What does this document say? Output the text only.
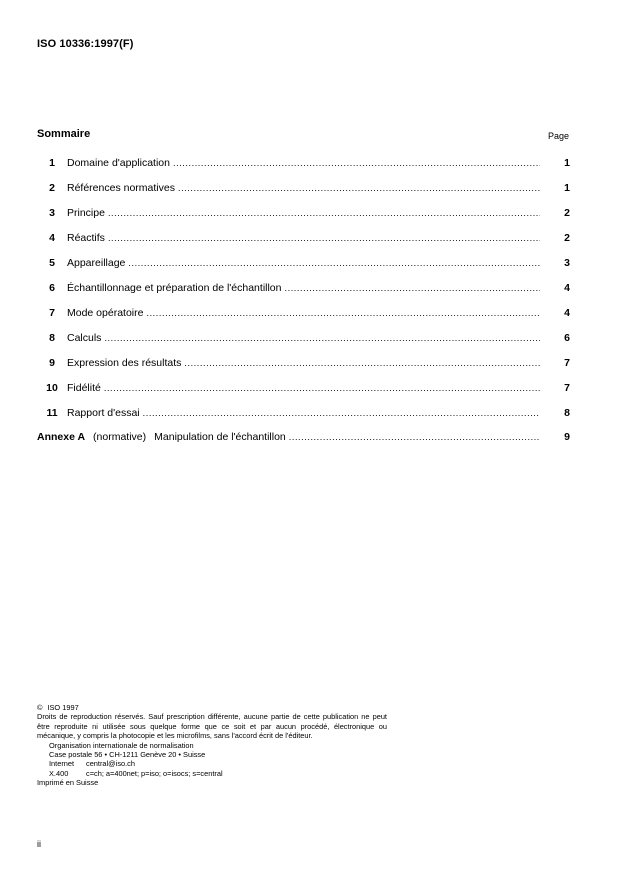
ISO 10336:1997(F)
Sommaire	Page
1	Domaine d'application .....	1
2	Références normatives .....	1
3	Principe .....	2
4	Réactifs .....	2
5	Appareillage .....	3
6	Échantillonnage et préparation de l'échantillon .....	4
7	Mode opératoire .....	4
8	Calculs .....	6
9	Expression des résultats .....	7
10 Fidélité .....	7
11 Rapport d'essai .....	8
Annexe A (normative) Manipulation de l'échantillon .....	9
© ISO 1997

Droits de reproduction réservés. Sauf prescription différente, aucune partie de cette publication ne peut être reproduite ni utilisée sous quelque forme que ce soit et par aucun procédé, électronique ou mécanique, y compris la photocopie et les microfilms, sans l'accord écrit de l'éditeur.

Organisation internationale de normalisation
Case postale 56 • CH-1211 Genève 20 • Suisse
Internet	central@iso.ch
X.400	c=ch; a=400net; p=iso; o=isocs; s=central
Imprimé en Suisse
ii
